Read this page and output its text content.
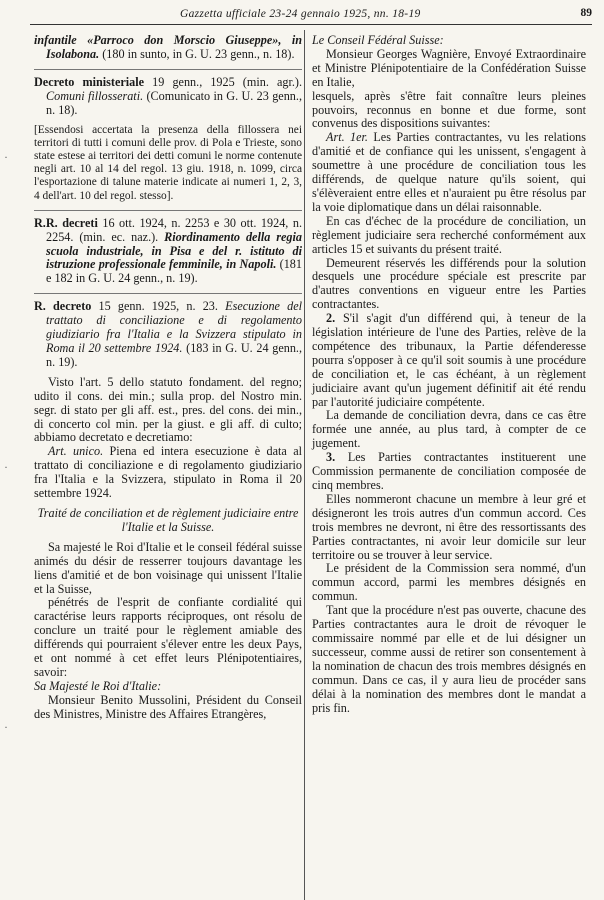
Gazzetta ufficiale 23-24 gennaio 1925, nn. 18-19	89
·
·
·

infantile «Parroco don Morscio Giuseppe», in Isolabona. (180 in sunto, in G. U. 23 genn., n. 18).

Decreto ministeriale 19 genn., 1925 (min. agr.). Comuni fillosserati. (Comunicato in G. U. 23 genn., n. 18).

[Essendosi accertata la presenza della fillossera nei territori di tutti i comuni delle prov. di Pola e Trieste, sono state estese ai territori dei detti comuni le norme contenute negli art. 10 al 14 del regol. 13 giu. 1918, n. 1099, circa l'esportazione di talune materie indicate ai numeri 1, 2, 3, 4 dell'art. 10 del regol. stesso].

R.R. decreti 16 ott. 1924, n. 2253 e 30 ott. 1924, n. 2254. (min. ec. naz.). Riordinamento della regia scuola industriale, in Pisa e del r. istituto di istruzione professionale femminile, in Napoli. (181 e 182 in G. U. 24 genn., n. 19).

R. decreto 15 genn. 1925, n. 23. Esecuzione del trattato di conciliazione e di regolamento giudiziario fra l'Italia e la Svizzera stipulato in Roma il 20 settembre 1924. (183 in G. U. 24 genn., n. 19).

Visto l'art. 5 dello statuto fondament. del regno; udito il cons. dei min.; sulla prop. del Nostro min. segr. di stato per gli aff. est., pres. del cons. dei min., di concerto col min. per la giust. e gli aff. di culto; abbiamo decretato e decretiamo:

Art. unico. Piena ed intera esecuzione è data al trattato di conciliazione e di regolamento giudiziario fra l'Italia e la Svizzera, stipulato in Roma il 20 settembre 1924.

Traité de conciliation et de règlement judiciaire entre l'Italie et la Suisse.

Sa majesté le Roi d'Italie et le conseil fédéral suisse animés du désir de resserrer toujours davantage les liens d'amitié et de bon voisinage qui unissent l'Italie et la Suisse,

pénétrés de l'esprit de confiante cordialité qui caractérise leurs rapports réciproques, ont résolu de conclure un traité pour le règlement amiable des différends qui pourraient s'élever entre les deux Pays, et ont nommé à cet effet leurs Plénipotentiaires, savoir:

Sa Majesté le Roi d'Italie:

Monsieur Benito Mussolini, Président du Conseil des Ministres, Ministre des Affaires Etrangères,

Le Conseil Fédéral Suisse:

Monsieur Georges Wagnière, Envoyé Extraordinaire et Ministre Plénipotentiaire de la Confédération Suisse en Italie,

lesquels, après s'être fait connaître leurs pleines pouvoirs, reconnus en bonne et due forme, sont convenus des dispositions suivantes:

Art. 1er. Les Parties contractantes, vu les relations d'amitié et de confiance qui les unissent, s'engagent à soumettre à une procédure de conciliation tous les différends, de quelque nature qu'ils soient, qui s'élèveraient entre elles et n'auraient pu être résolus par la voie diplomatique dans un délai raisonnable.

En cas d'échec de la procédure de conciliation, un règlement judiciaire sera recherché conformément aux articles 15 et suivants du présent traité.

Demeurent réservés les différends pour la solution desquels une procédure spéciale est prescrite par d'autres conventions en vigueur entre les Parties contractantes.

2. S'il s'agit d'un différend qui, à teneur de la législation intérieure de l'une des Parties, relève de la compétence des tribunaux, la Partie défenderesse pourra s'opposer à ce qu'il soit soumis à une procédure de conciliation et, le cas échéant, à un règlement judiciaire avant qu'un jugement définitif ait été rendu par l'autorité judiciaire compétente.

La demande de conciliation devra, dans ce cas être formée une année, au plus tard, à compter de ce jugement.

3. Les Parties contractantes instituerent une Commission permanente de conciliation composée de cinq membres.

Elles nommeront chacune un membre à leur gré et désigneront les trois autres d'un commun accord. Ces trois membres ne devront, ni être des ressortissants des Parties contractantes, ni avoir leur domicile sur leur territoire ou se trouver à leur service.

Le président de la Commission sera nommé, d'un commun accord, parmi les membres désignés en commun.

Tant que la procédure n'est pas ouverte, chacune des Parties contractantes aura le droit de révoquer le commissaire nommé par elle et de lui désigner un successeur, comme aussi de retirer son consentement à la nomination de chacun des trois membres désignés en commun. Dans ce cas, il y aura lieu de procéder sans délai à la nomination des membres dont le mandat a pris fin.
